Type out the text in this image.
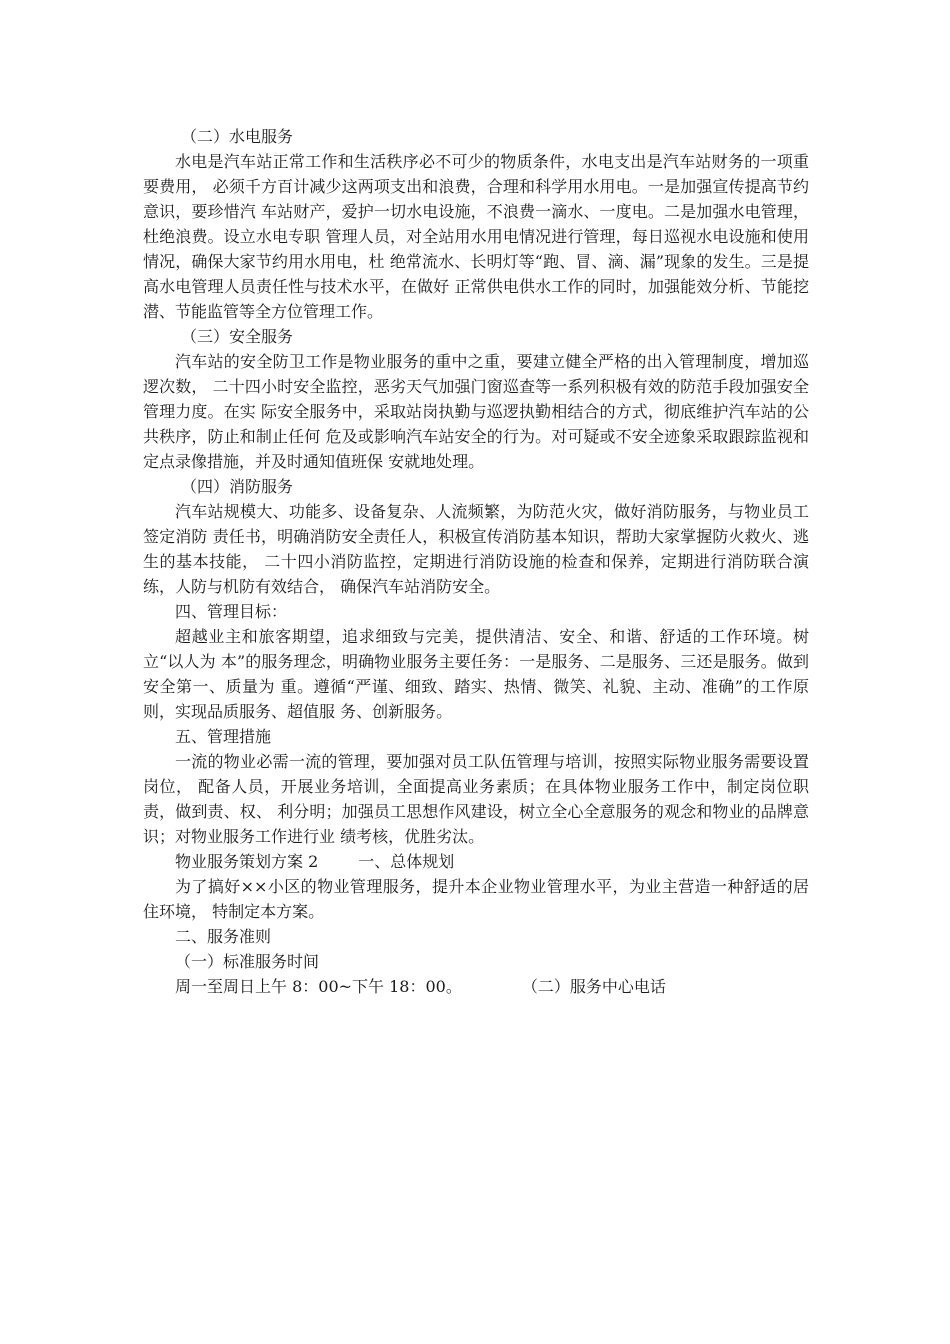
（二）水电服务

水电是汽车站正常工作和生活秩序必不可少的物质条件，水电支出是汽车站财务的一项重要费用， 必须千方百计减少这两项支出和浪费，合理和科学用水用电。一是加强宣传提高节约意识，要珍惜汽 车站财产，爱护一切水电设施，不浪费一滴水、一度电。二是加强水电管理，杜绝浪费。设立水电专职 管理人员，对全站用水用电情况进行管理，每日巡视水电设施和使用情况，确保大家节约用水用电，杜 绝常流水、长明灯等“跑、冒、滴、漏”现象的发生。三是提高水电管理人员责任性与技术水平，在做好 正常供电供水工作的同时，加强能效分析、节能挖潜、节能监管等全方位管理工作。

（三）安全服务

汽车站的安全防卫工作是物业服务的重中之重，要建立健全严格的出入管理制度，增加巡逻次数， 二十四小时安全监控，恶劣天气加强门窗巡查等一系列积极有效的防范手段加强安全管理力度。在实 际安全服务中，采取站岗执勤与巡逻执勤相结合的方式，彻底维护汽车站的公共秩序，防止和制止任何 危及或影响汽车站安全的行为。对可疑或不安全迹象采取跟踪监视和定点录像措施，并及时通知值班保 安就地处理。

（四）消防服务

汽车站规模大、功能多、设备复杂、人流频繁，为防范火灾，做好消防服务，与物业员工签定消防 责任书，明确消防安全责任人，积极宣传消防基本知识，帮助大家掌握防火救火、逃生的基本技能， 二十四小消防监控，定期进行消防设施的检查和保养，定期进行消防联合演练，人防与机防有效结合， 确保汽车站消防安全。

四、管理目标：

超越业主和旅客期望，追求细致与完美，提供清洁、安全、和谐、舒适的工作环境。树立“以人为 本”的服务理念，明确物业服务主要任务：一是服务、二是服务、三还是服务。做到安全第一、质量为 重。遵循“严谨、细致、踏实、热情、微笑、礼貌、主动、准确”的工作原则，实现品质服务、超值服 务、创新服务。

五、管理措施

一流的物业必需一流的管理，要加强对员工队伍管理与培训，按照实际物业服务需要设置岗位， 配备人员，开展业务培训，全面提高业务素质；在具体物业服务工作中，制定岗位职责，做到责、权、 利分明；加强员工思想作风建设，树立全心全意服务的观念和物业的品牌意识；对物业服务工作进行业 绩考核，优胜劣汰。

物业服务策划方案 2	一、总体规划

为了搞好××小区的物业管理服务，提升本企业物业管理水平，为业主营造一种舒适的居住环境， 特制定本方案。

二、服务准则

（一）标准服务时间

周一至周日上午 8：00~下午 18：00。	（二）服务中心电话
